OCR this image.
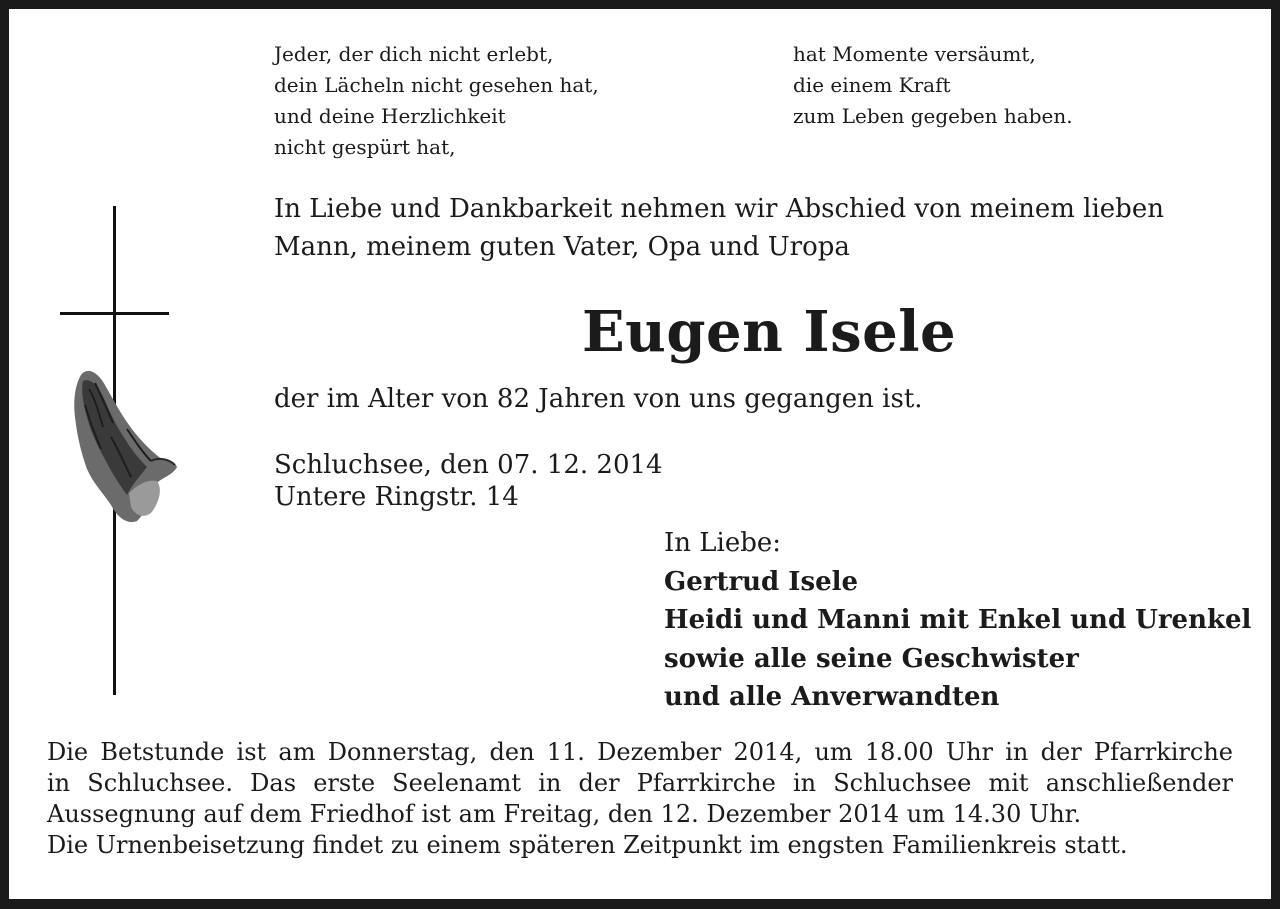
Jeder, der dich nicht erlebt,
dein Lächeln nicht gesehen hat,
und deine Herzlichkeit
nicht gespürt hat,
hat Momente versäumt,
die einem Kraft
zum Leben gegeben haben.
In Liebe und Dankbarkeit nehmen wir Abschied von meinem lieben
Mann, meinem guten Vater, Opa und Uropa
Eugen Isele
der im Alter von 82 Jahren von uns gegangen ist.
Schluchsee, den 07. 12. 2014
Untere Ringstr. 14
In Liebe:
Gertrud Isele
Heidi und Manni mit Enkel und Urenkel
sowie alle seine Geschwister
und alle Anverwandten
Die Betstunde ist am Donnerstag, den 11. Dezember 2014, um 18.00 Uhr in der Pfarrkirche
in Schluchsee. Das erste Seelenamt in der Pfarrkirche in Schluchsee mit anschließender
Aussegnung auf dem Friedhof ist am Freitag, den 12. Dezember 2014 um 14.30 Uhr.
Die Urnenbeisetzung findet zu einem späteren Zeitpunkt im engsten Familienkreis statt.
